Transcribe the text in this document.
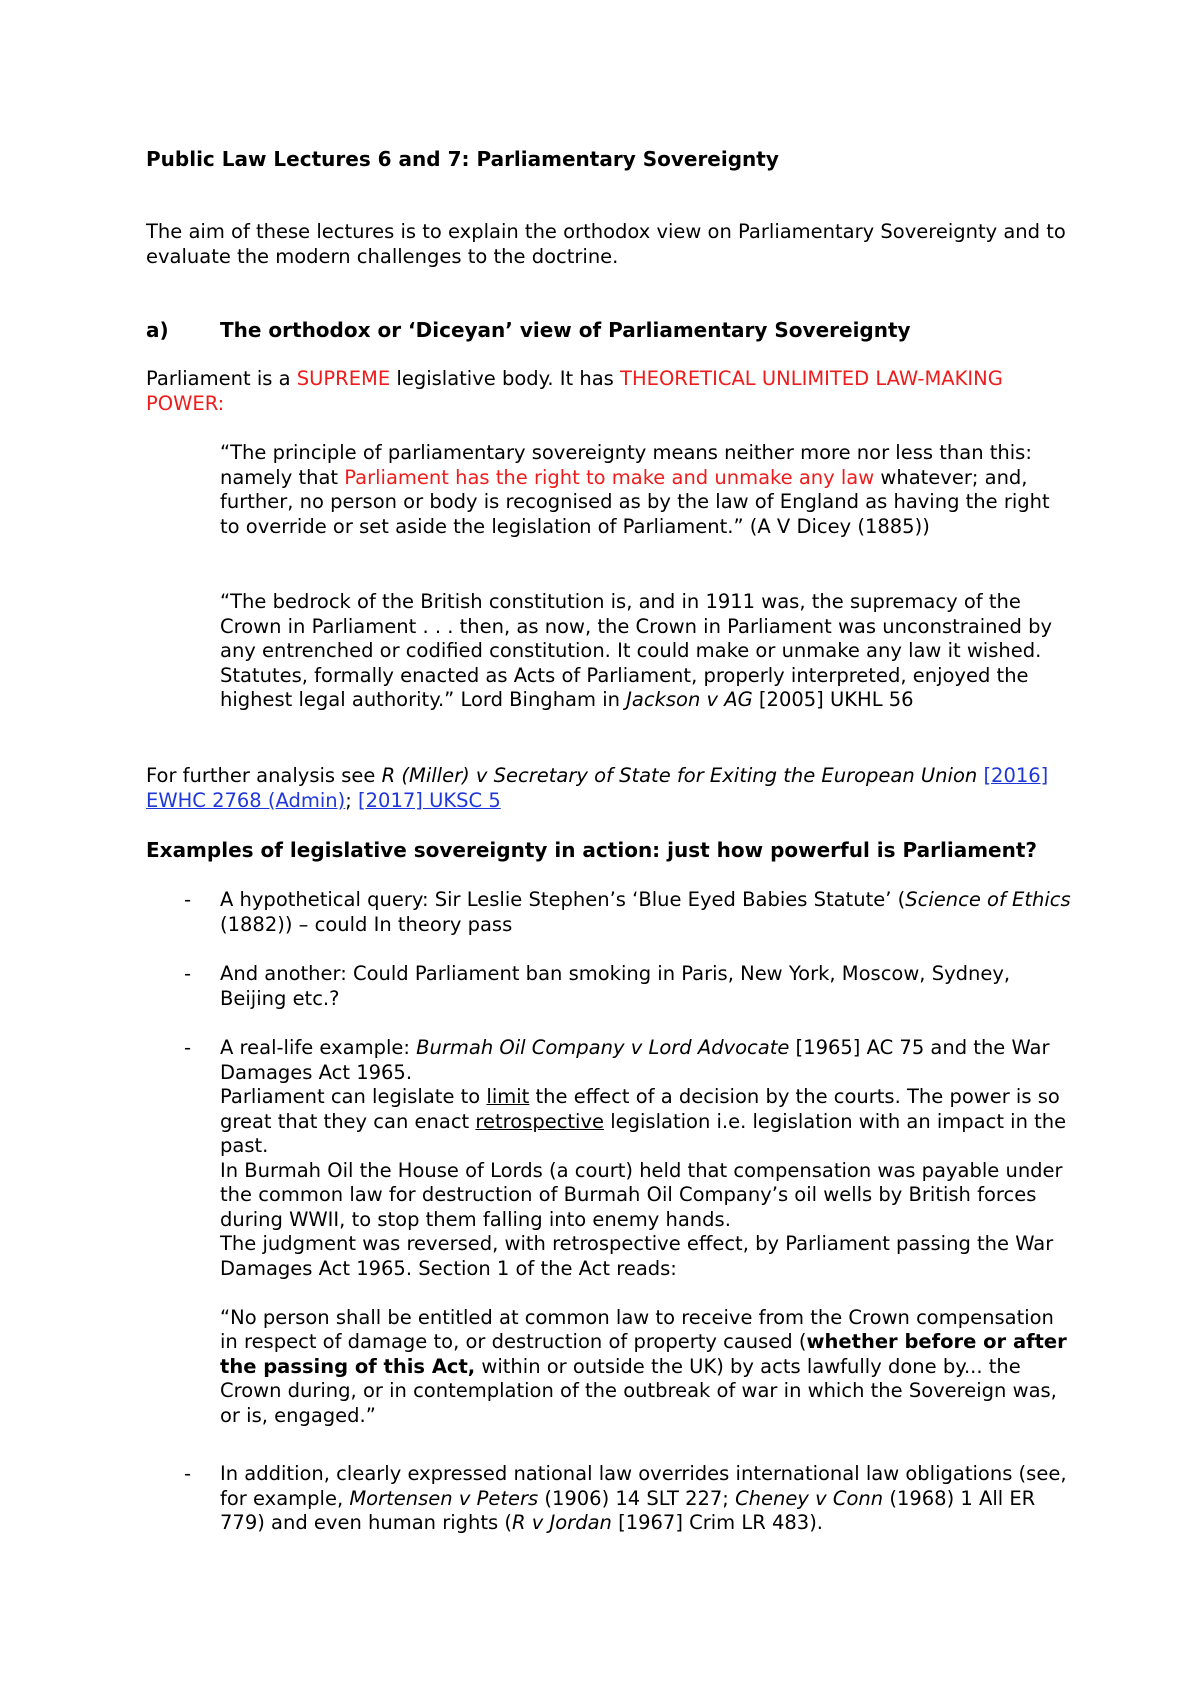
Public Law Lectures 6 and 7: Parliamentary Sovereignty

The aim of these lectures is to explain the orthodox view on Parliamentary Sovereignty and to evaluate the modern challenges to the doctrine.

a)	The orthodox or ‘Diceyan’ view of Parliamentary Sovereignty

Parliament is a SUPREME legislative body. It has THEORETICAL UNLIMITED LAW-MAKING POWER:

“The principle of parliamentary sovereignty means neither more nor less than this: namely that Parliament has the right to make and unmake any law whatever; and, further, no person or body is recognised as by the law of England as having the right to override or set aside the legislation of Parliament.” (A V Dicey (1885))

“The bedrock of the British constitution is, and in 1911 was, the supremacy of the Crown in Parliament . . . then, as now, the Crown in Parliament was unconstrained by any entrenched or codified constitution. It could make or unmake any law it wished. Statutes, formally enacted as Acts of Parliament, properly interpreted, enjoyed the highest legal authority.” Lord Bingham in Jackson v AG [2005] UKHL 56

For further analysis see R (Miller) v Secretary of State for Exiting the European Union [2016] EWHC 2768 (Admin); [2017] UKSC 5

Examples of legislative sovereignty in action: just how powerful is Parliament?

- A hypothetical query: Sir Leslie Stephen’s ‘Blue Eyed Babies Statute’ (Science of Ethics (1882)) – could In theory pass

- And another: Could Parliament ban smoking in Paris, New York, Moscow, Sydney, Beijing etc.?

- A real-life example: Burmah Oil Company v Lord Advocate [1965] AC 75 and the War Damages Act 1965.

Parliament can legislate to limit the effect of a decision by the courts. The power is so great that they can enact retrospective legislation i.e. legislation with an impact in the past.

In Burmah Oil the House of Lords (a court) held that compensation was payable under the common law for destruction of Burmah Oil Company’s oil wells by British forces during WWII, to stop them falling into enemy hands.

The judgment was reversed, with retrospective effect, by Parliament passing the War Damages Act 1965. Section 1 of the Act reads:

“No person shall be entitled at common law to receive from the Crown compensation in respect of damage to, or destruction of property caused (whether before or after the passing of this Act, within or outside the UK) by acts lawfully done by... the Crown during, or in contemplation of the outbreak of war in which the Sovereign was, or is, engaged.”

- In addition, clearly expressed national law overrides international law obligations (see, for example, Mortensen v Peters (1906) 14 SLT 227; Cheney v Conn (1968) 1 All ER 779) and even human rights (R v Jordan [1967] Crim LR 483).
